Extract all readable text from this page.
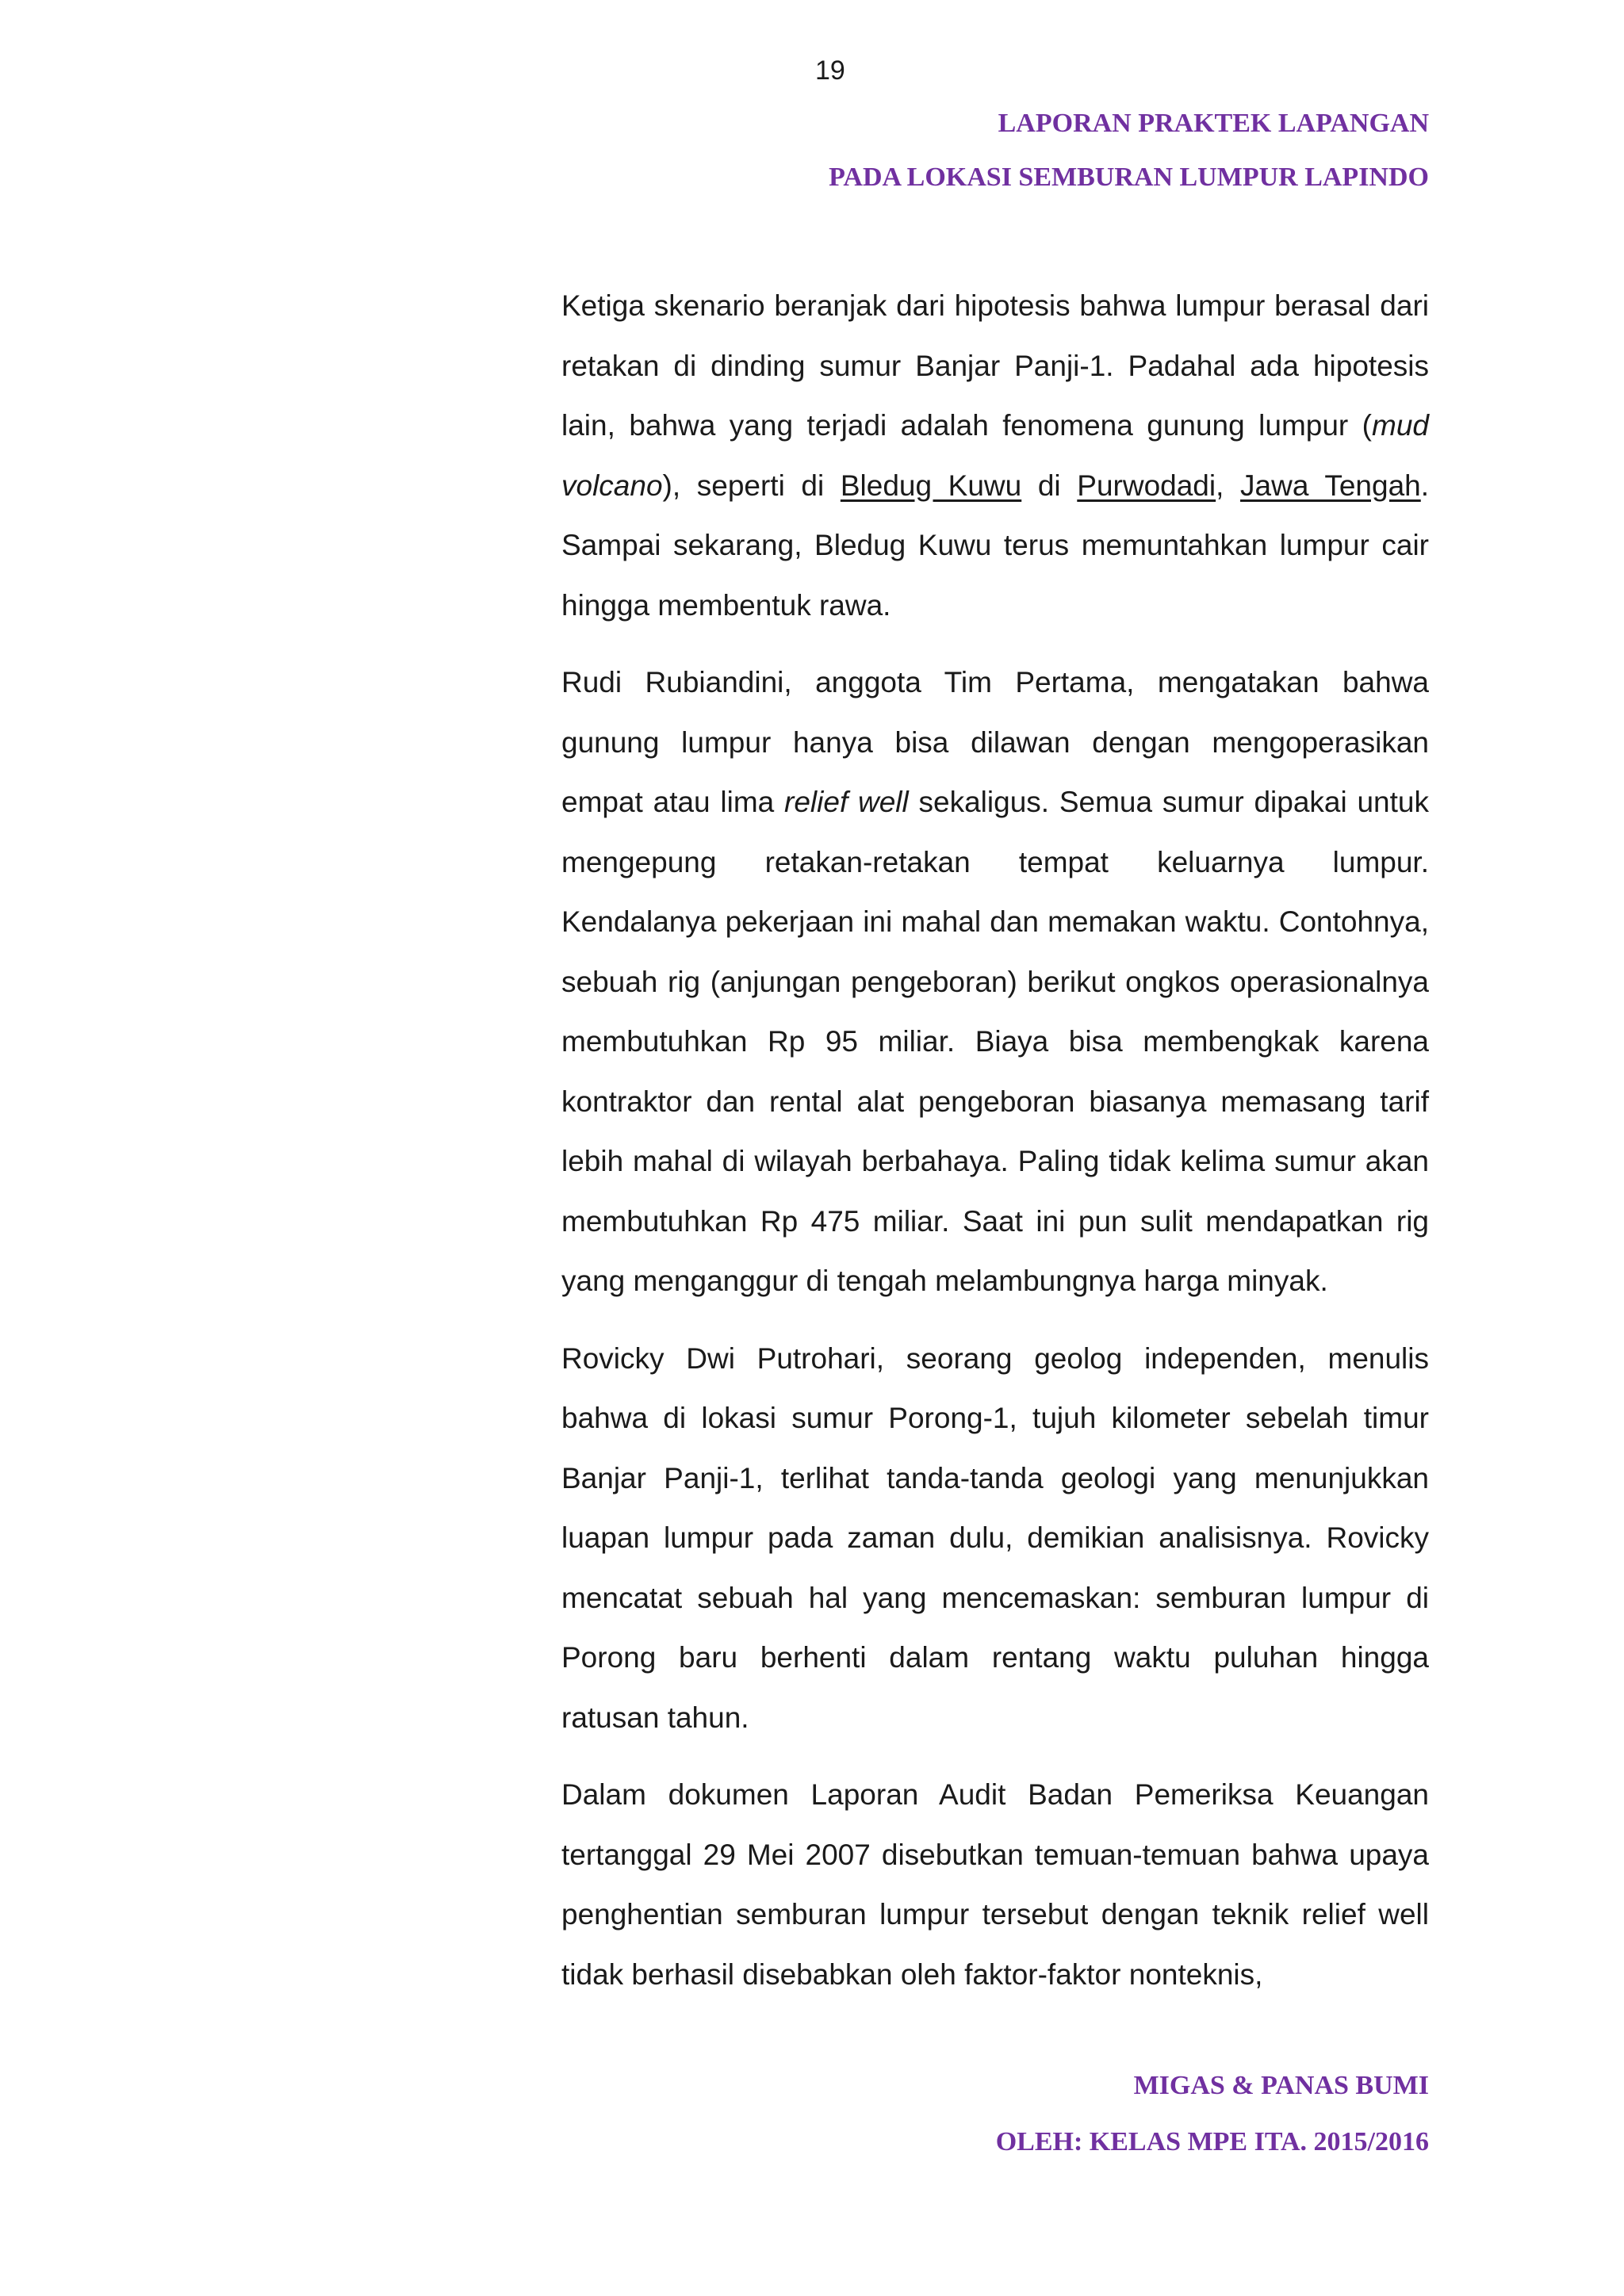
19
LAPORAN PRAKTEK LAPANGAN
PADA LOKASI SEMBURAN LUMPUR LAPINDO

Ketiga skenario beranjak dari hipotesis bahwa lumpur berasal dari retakan di dinding sumur Banjar Panji-1. Padahal ada hipotesis lain, bahwa yang terjadi adalah fenomena gunung lumpur (mud volcano), seperti di Bledug Kuwu di Purwodadi, Jawa Tengah. Sampai sekarang, Bledug Kuwu terus memuntahkan lumpur cair hingga membentuk rawa.

Rudi Rubiandini, anggota Tim Pertama, mengatakan bahwa gunung lumpur hanya bisa dilawan dengan mengoperasikan empat atau lima relief well sekaligus. Semua sumur dipakai untuk mengepung retakan-retakan tempat keluarnya lumpur. Kendalanya pekerjaan ini mahal dan memakan waktu. Contohnya, sebuah rig (anjungan pengeboran) berikut ongkos operasionalnya membutuhkan Rp 95 miliar. Biaya bisa membengkak karena kontraktor dan rental alat pengeboran biasanya memasang tarif lebih mahal di wilayah berbahaya. Paling tidak kelima sumur akan membutuhkan Rp 475 miliar. Saat ini pun sulit mendapatkan rig yang menganggur di tengah melambungnya harga minyak.

Rovicky Dwi Putrohari, seorang geolog independen, menulis bahwa di lokasi sumur Porong-1, tujuh kilometer sebelah timur Banjar Panji-1, terlihat tanda-tanda geologi yang menunjukkan luapan lumpur pada zaman dulu, demikian analisisnya. Rovicky mencatat sebuah hal yang mencemaskan: semburan lumpur di Porong baru berhenti dalam rentang waktu puluhan hingga ratusan tahun.

Dalam dokumen Laporan Audit Badan Pemeriksa Keuangan tertanggal 29 Mei 2007 disebutkan temuan-temuan bahwa upaya penghentian semburan lumpur tersebut dengan teknik relief well tidak berhasil disebabkan oleh faktor-faktor nonteknis,

MIGAS & PANAS BUMI
OLEH: KELAS MPE ITA. 2015/2016
